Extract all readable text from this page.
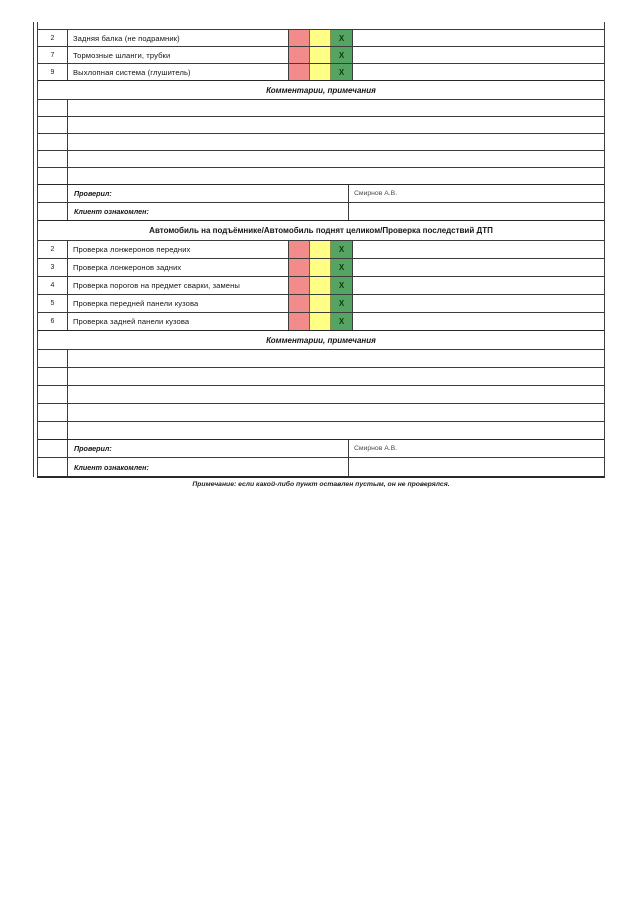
2	Задняя балка (не подрамник)	X
7	Тормозные шланги, трубки	X
9	Выхлопная система (глушитель)	X
Комментарии, примечания
Проверил:	Смирнов А.В.
Клиент ознакомлен:
Автомобиль на подъёмнике/Автомобиль поднят целиком/Проверка последствий ДТП
2	Проверка лонжеронов передних	X
3	Проверка лонжеронов задних	X
4	Проверка порогов на предмет сварки, замены	X
5	Проверка передней панели кузова	X
6	Проверка задней панели кузова	X
Комментарии, примечания
Проверил:	Смирнов А.В.
Клиент ознакомлен:
Примечание: если какой-либо пункт оставлен пустым, он не проверялся.
